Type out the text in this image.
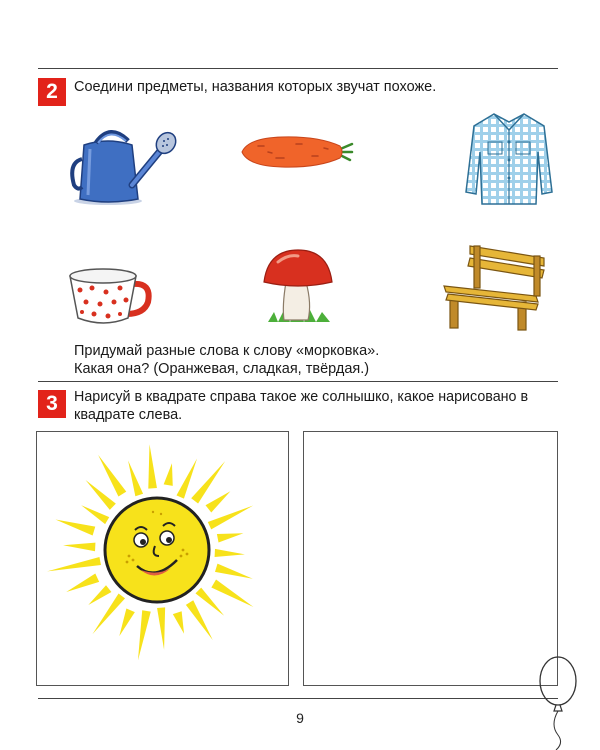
2	Соедини предметы, названия которых звучат похоже.
Придумай разные слова к слову «морковка».
Какая она? (Оранжевая, сладкая, твёрдая.)
3	Нарисуй в квадрате справа такое же солнышко, какое нарисовано в
квадрате слева.
9
